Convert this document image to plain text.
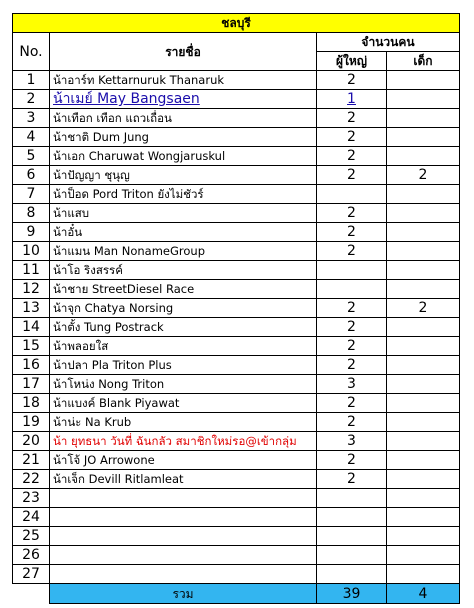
ชลบุรี			
No.	รายชื่อ	จำนวนคน	
		ผู้ใหญ่	เด็ก
1	น้าอาร์ท Kettarnuruk Thanaruk	2	
2	น้าเมย์ May Bangsaen	1	
3	น้าเทือก เทือก แถวเถื่อน	2	
4	น้าชาติ Dum Jung	2	
5	น้าเอก Charuwat Wongjaruskul	2	
6	น้าปัญญา ชุนุญ	2	2
7	น้าป็อด Pord Triton ยังไม่ชัวร์		
8	น้าแสบ	2	
9	น้าอั๋น	2	
10	น้าแมน Man NonameGroup	2	
11	น้าโอ ริงสรรค์		
12	น้าชาย StreetDiesel Race		
13	น้าจุก Chatya Norsing	2	2
14	น้าตั้ง Tung Postrack	2	
15	น้าพลอยใส	2	
16	น้าปลา Pla Triton Plus	2	
17	น้าโหน่ง Nong Triton	3	
18	น้าแบงค์ Blank Piyawat	2	
19	น้าน่ะ Na Krub	2	
20	น้า ยุทธนา วันที่ ฉันกลัว สมาชิกใหม่รอ@เข้ากลุ่ม	3	
21	น้าโจ้ JO Arrowone	2	
22	น้าเจ็ก Devill Ritlamleat	2	
23			
24			
25			
26			
27			
	รวม	39	4
